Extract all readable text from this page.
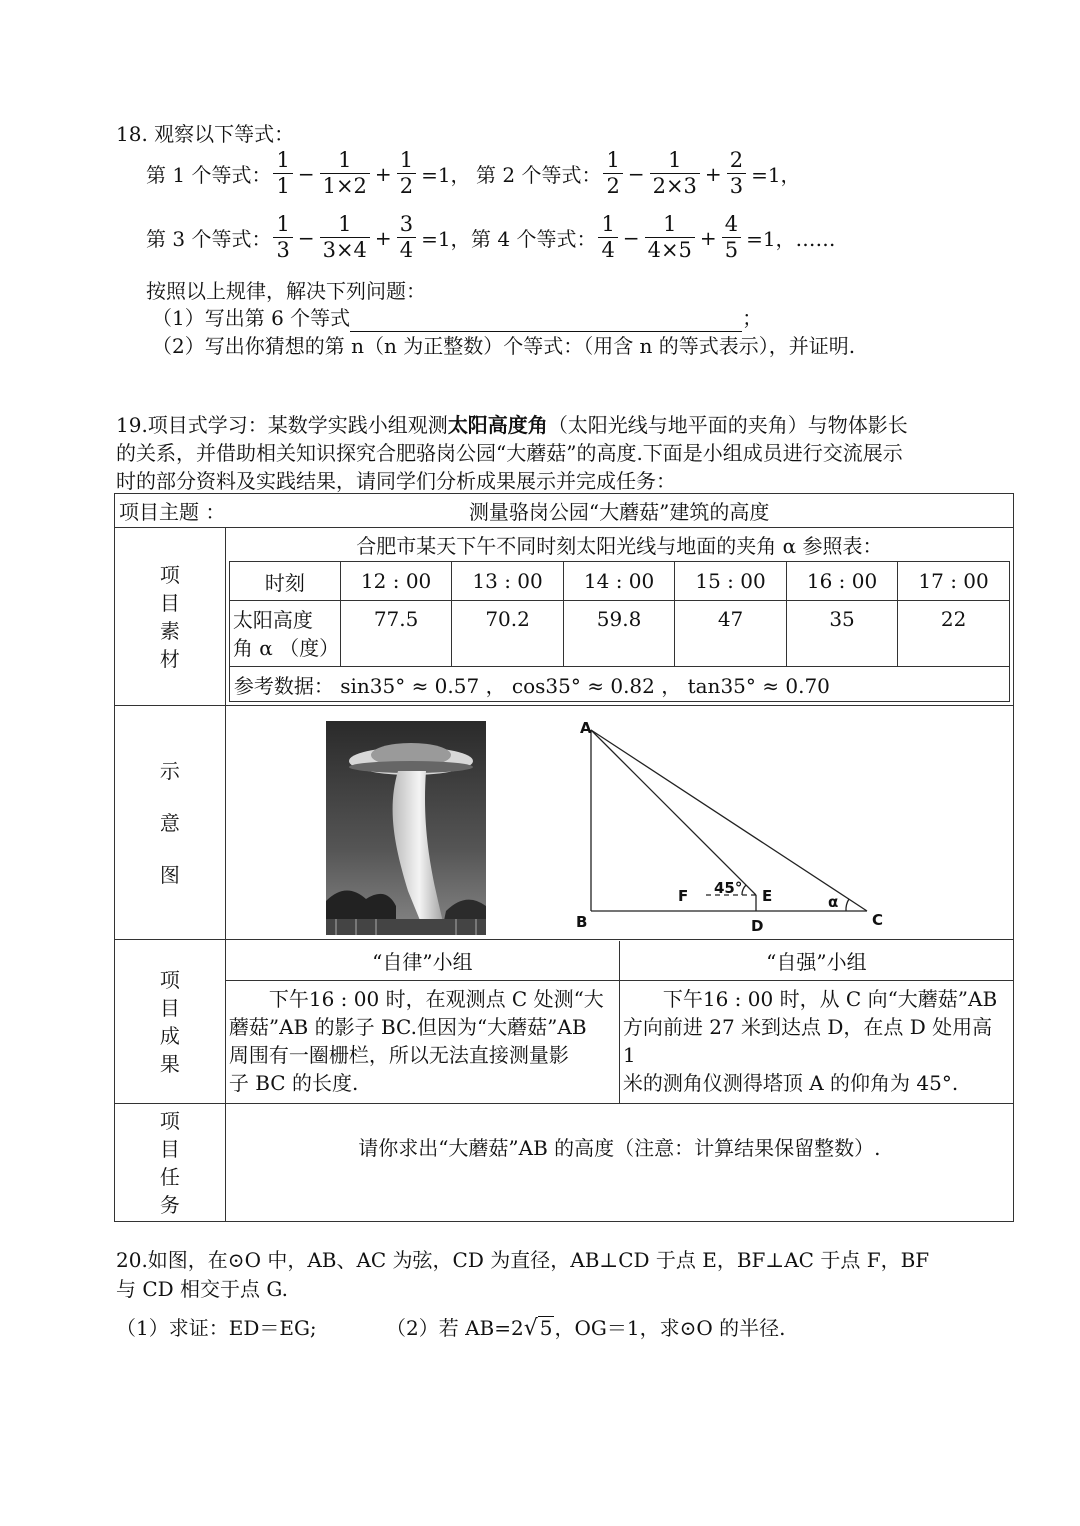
18. 观察以下等式：
第 1 个等式： $\frac{1}{1} - \frac{1}{1\times 2} + \frac{1}{2} =1$， 第 2 个等式： $\frac{1}{2} - \frac{1}{2\times 3} + \frac{2}{3} =1$，
第 3 个等式： $\frac{1}{3} - \frac{1}{3\times 4} + \frac{3}{4} =1$， 第 4 个等式： $\frac{1}{4} - \frac{1}{4\times 5} + \frac{4}{5} =1$，……
按照以上规律，解决下列问题：
（1）写出第 6 个等式	；
（2）写出你猜想的第 n（n 为正整数）个等式：（用含 n 的等式表示），并证明.
19.项目式学习：某数学实践小组观测太阳高度角（太阳光线与地平面的夹角）与物体影长
的关系，并借助相关知识探究合肥骆岗公园“大蘑菇”的高度.下面是小组成员进行交流展示
时的部分资料及实践结果，请同学们分析成果展示并完成任务：
项目主题 ：	测量骆岗公园“大蘑菇”建筑的高度

项
目
素
材

合肥市某天下午不同时刻太阳光线与地面的夹角 α 参照表：
时刻	12 : 00	13 : 00	14 : 00	15 : 00	16 : 00	17 : 00

太阳高度
角 α （度）
	77.5	70.2	59.8	47	35	22
参考数据： sin35° ≈ 0.57 ， cos35° ≈ 0.82 ， tan35° ≈ 0.70

示
意
图

A
B	C
D
E
F 45°
α

项
目
成
果

“自律”小组	“自强”小组

　　下午16 : 00 时，在观测点 C 处测“大
蘑菇”AB 的影子 BC.但因为“大蘑菇”AB
周围有一圈栅栏，所以无法直接测量影
子 BC 的长度.

　　下午16 : 00 时，从 C 向“大蘑菇”AB
方向前进 27 米到达点 D，在点 D 处用高 1
米的测角仪测得塔顶 A 的仰角为 45°.

项
目
任
务
	请你求出“大蘑菇”AB 的高度（注意：计算结果保留整数）.
20.如图，在⊙O 中，AB、AC 为弦，CD 为直径，AB⊥CD 于点 E，BF⊥AC 于点 F，BF
与 CD 相交于点 G.
（1）求证：ED＝EG;	（2）若 AB=2√ 5 ，OG＝1，求⊙O 的半径.
